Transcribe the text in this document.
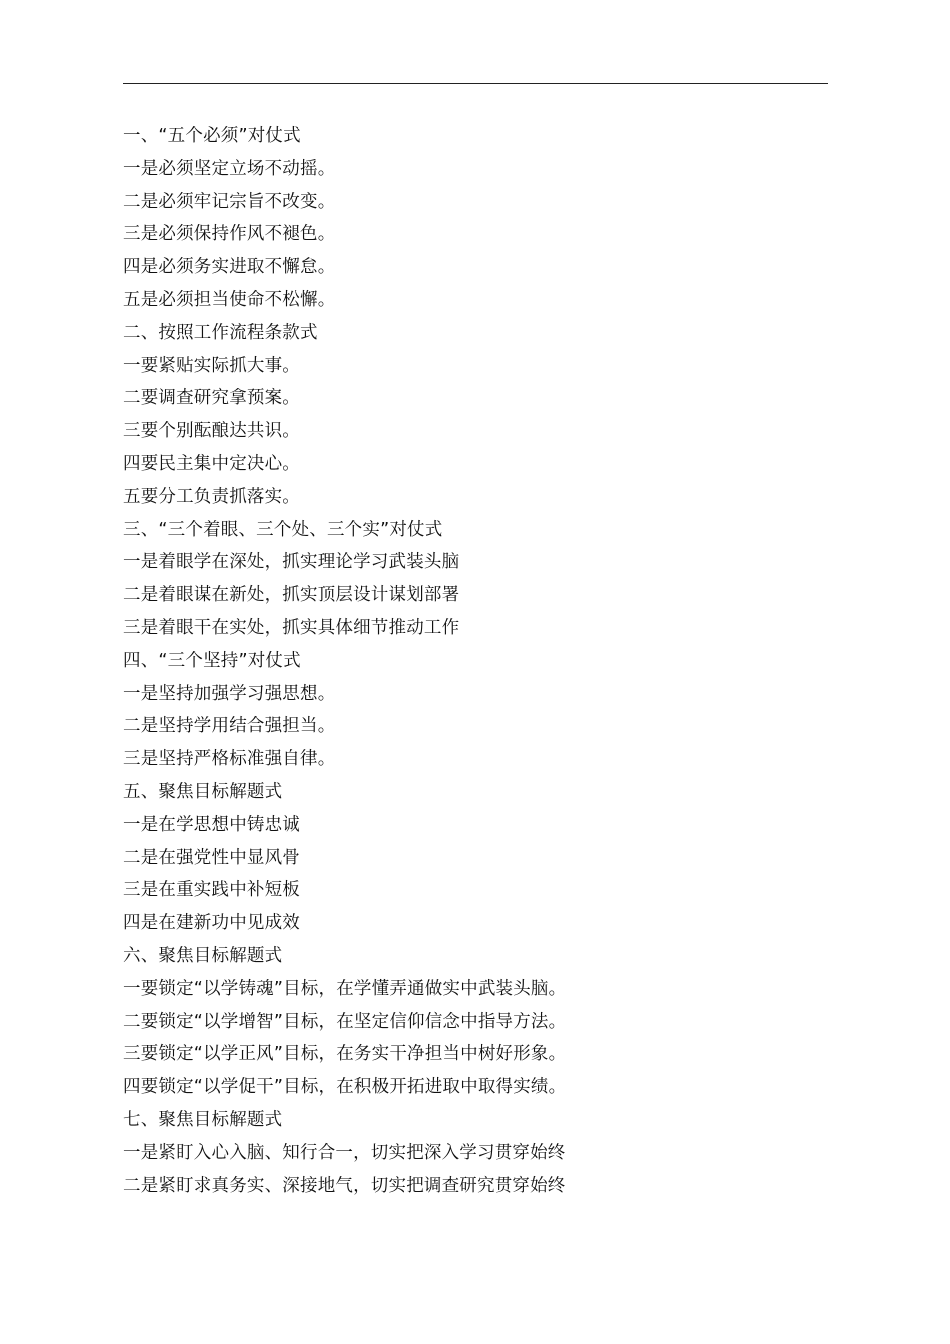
一、“五个必须”对仗式
一是必须坚定立场不动摇。
二是必须牢记宗旨不改变。
三是必须保持作风不褪色。
四是必须务实进取不懈怠。
五是必须担当使命不松懈。
二、按照工作流程条款式
一要紧贴实际抓大事。
二要调查研究拿预案。
三要个别酝酿达共识。
四要民主集中定决心。
五要分工负责抓落实。
三、“三个着眼、三个处、三个实”对仗式
一是着眼学在深处，抓实理论学习武装头脑
二是着眼谋在新处，抓实顶层设计谋划部署
三是着眼干在实处，抓实具体细节推动工作
四、“三个坚持”对仗式
一是坚持加强学习强思想。
二是坚持学用结合强担当。
三是坚持严格标准强自律。
五、聚焦目标解题式
一是在学思想中铸忠诚
二是在强党性中显风骨
三是在重实践中补短板
四是在建新功中见成效
六、聚焦目标解题式
一要锁定“以学铸魂”目标，在学懂弄通做实中武装头脑。
二要锁定“以学增智”目标，在坚定信仰信念中指导方法。
三要锁定“以学正风”目标，在务实干净担当中树好形象。
四要锁定“以学促干”目标，在积极开拓进取中取得实绩。
七、聚焦目标解题式
一是紧盯入心入脑、知行合一，切实把深入学习贯穿始终
二是紧盯求真务实、深接地气，切实把调查研究贯穿始终
